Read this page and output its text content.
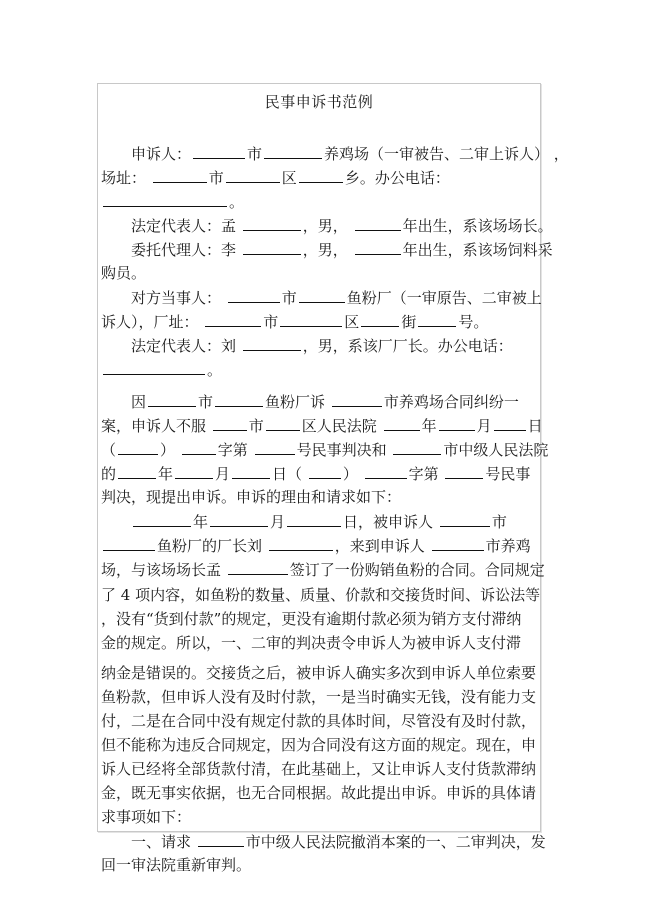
民事申诉书范例
申诉人：	市	养鸡场（一审被告、二审上诉人） ，
场址：	市	区	乡。办公电话：
。
法定代表人：孟	，男，	年出生，系该场场长。
委托代理人：李	，男，	年出生，系该场饲料采
购员。
对方当事人：	市	鱼粉厂（一审原告、二审被上
诉人），厂址：	市	区	街	号。
法定代表人：刘	，男，系该厂厂长。办公电话：
。
因	市	鱼粉厂诉	市养鸡场合同纠纷一
案，申诉人不服	市	区人民法院	年	月 日
（	）	字第	号民事判决和	市中级人民法院
的	年	月	日（ ）	字第	号民事
判决，现提出申诉。申诉的理由和请求如下：
年	月	日，被申诉人	市
鱼粉厂的厂长刘	，来到申诉人	市养鸡
场，与该场场长孟	签订了一份购销鱼粉的合同。合同规定
了 4 项内容，如鱼粉的数量、质量、价款和交接货时间、诉讼法等
，没有“货到付款”的规定，更没有逾期付款必须为销方支付滞纳
金的规定。所以，一、二审的判决责令申诉人为被申诉人支付滞
纳金是错误的。交接货之后，被申诉人确实多次到申诉人单位索要
鱼粉款，但申诉人没有及时付款，一是当时确实无钱，没有能力支
付，二是在合同中没有规定付款的具体时间，尽管没有及时付款，
但不能称为违反合同规定，因为合同没有这方面的规定。现在，申
诉人已经将全部货款付清，在此基础上，又让申诉人支付货款滞纳
金，既无事实依据，也无合同根据。故此提出申诉。申诉的具体请
求事项如下：
一、请求	市中级人民法院撤消本案的一、二审判决，发
回一审法院重新审判。
